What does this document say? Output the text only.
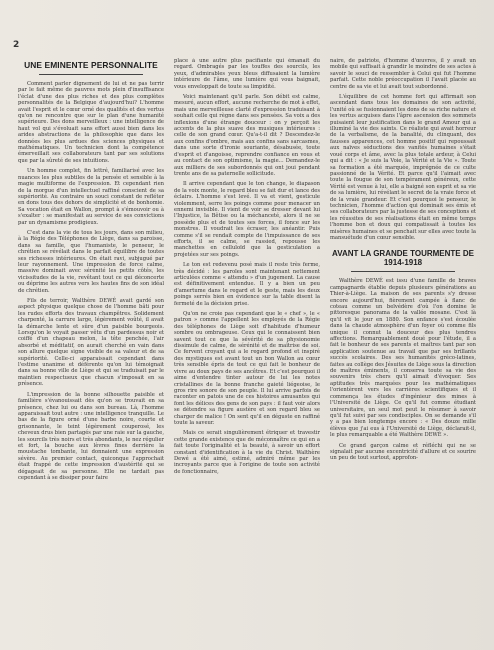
2
UNE EMINENTE PERSONNALITE

Comment parler dignement de lui et ne pas terrir par le fait même de pauvres mots plein d'insuffisance l'éclat d'une des plus riches et des plus complètes personnalités de la Belgique d'aujourd'hui? L'homme avait l'esprit et le cœur orné des qualités et des vertus qu'on ne rencontre que sur le plan d'une humanité supérieure. Des dons merveilleux : une intelligence de haut vol qui s'évoluait sans effort aussi bien dans les arides abstractions de la philosophie que dans les données les plus ardues des sciences physiques et mathématiques. Un technicien dont la compétence émerveillait ses collaborateurs tant par ses solutions que par la sûreté de ses intuitions.

Un homme complet, fin lettré, familiarisé avec les nuances les plus subtiles de la pensée et sensible à la magie multiforme de l'expression. Et cependant rien de la morgue d'un intellectuel raffiné conscient de sa supériorité. Au contraire un souci constant de refléter en dons tous des dehors de simplicité et de bonhomie. Sa vocation était en Wallon, prompt à s'émouvoir ou à s'exalter : se manifestait au service de ses convictions par un dynamisme prodigieux.

C'est dans la vie de tous les jours, dans son milieu, à la Régie des Téléphones de Liège, dans sa paroisse, dans sa famille, que l'humaniste, le penseur, le chrétien se révélait dans le parfait équilibre de toutes ses richesses intérieures. On était ravi, subjugué par leur rayonnement. Une impression de force calme, massive dominait avec sérénité les petits côtés, les vicissitudes de la vie, revêtant tout ce qui déconcerte ou déprime les autres vers les hautes fins de son idéal de chrétien.

Fils de terroir, Walthère DEWÉ avait gardé son aspect physique quelque chose de l'homme bâti pour les rudes efforts des travaux champêtres. Solidement charpenté, la carrure large, légèrement voûté, il avait la démarche lente et sûre d'un paisible bourgeois. Lorsqu'on le voyait passer vêtu d'un pardessus noir et coiffé d'un chapeau melon, la tête penchée, l'air absorbé et méditatif, on aurait cherché en vain dans son allure quelque signe visible de sa valeur et de sa supériorité. Celle-ci apparaissait cependant dans l'estime unanime et déférente qu'on lui témoignait dans sa bonne ville de Liège et qui se traduisait par le maintien respectueux que chacun s'imposait en sa présence.

L'impression de la bonne silhouette paisible et familière s'évanouissait dès qu'on se trouvait en sa présence, chez lui ou dans son bureau. Là, l'homme apparaissait tout autre : une intelligence tranquille. Le bas de la figure orné d'une barbe noire, courte et grisonnante, le teint légèrement couperosé, les cheveux drus bien partagés par une raie sur la gauche, les sourcils très noirs et très abondants, le nez régulier et fort, la bouche aux lèvres fines derrière la moustache tombante, lui donnaient une expression sévère. Au premier contact, quiconque l'approchait était frappé de cette impression d'austérité qui se dégageait de sa personne. Elle ne tardait pas cependant à se dissiper pour faire

place à une autre plus pacifiante qui émanait du regard. Ombragés par les touffes des sourcils, les yeux, d'admirables yeux bleus diffusaient la lumière intérieure de l'âme, une lumière qui vous baignait, vous enveloppait de toute sa limpidité.

Voici maintenant qu'il parle. Son débit est calme, mesuré, aucun effort, aucune recherche de mot à effet, mais une merveilleuse clarté d'expression traduisant à souhait celle qui règne dans ses pensées. Sa voix a des inflexions d'une étrange douceur : on y perçoit les accents de la plus suave des musiques intérieures : celle de son grand cœur. Qu'a-t-il dit ? Descendez-le aux confins d'ombre, mais aux confins sans sarcasmes, dans une sorte d'ironie souriante, désabusée, toute d'esprit et d'angoisse, reprendre confiance en vous et au contact de son optimisme, la magie... Demandez-le aux milliers de ses subordonnés qui ont joui pendant trente ans de sa paternelle sollicitude.

Il arrive cependant que le ton change, le diapason de la voix monte, le regard bleu se fait dur et lance des éclairs. L'homme s'est levé. Il va et vient, gesticule violemment, serre les poings comme pour menacer un ennemi invisible. Il vient de voir se dresser devant lui l'Injustice, la Bêtise ou la méchanceté, alors il ne se possède plus et de toutes ses forces, il fonce sur les monstres. Il voudrait les écraser, les anéantir. Puis comme s'il se rendait compte de l'impuissance de ses efforts, il se calme, se rassied, repousse les manchettes en celluloïd que la gesticulation a projetées sur ses poings.

Le ton est redevenu posé mais il reste très ferme, très décidé : les paroles sont maintenant nettement articulées comme « attendu » d'un jugement. La cause est définitivement entendue. Il y a bien un peu d'amertume dans le regard et le geste, mais les deux poings serrés bien en évidence sur la table disent la fermeté de la décision prise.

Qu'on ne croie pas cependant que le « chef », le « patron » comme l'appellent les employés de la Régie des téléphones de Liège soit d'habitude d'humeur sombre ou ombrageuse. Ceux qui le connaissent bien savent tout ce que la sévérité de sa physionomie dissimule de calme, de sérénité et de maîtrise de soi. Ce fervent croyant qui a le regard profond et inspiré des mystiques est avant tout un bon Wallon au cœur très sensible épris de tout ce qui fait le bonheur de vivre au doux pays de ses ancêtres. Et c'est pourquoi il aime d'entendre tinter autour de lui les notes cristallines de la bonne franche gaieté liégeoise, le gros rire sonore de son peuple. Il lui arrive parfois de raconter en patois une de ces histoires amusantes qui font les délices des gens de son pays : il faut voir alors se détendre sa figure austère et son regard bleu se charger de malice ! On sent qu'il en déguste en raffiné toute la saveur.

Mais ce serait singulièrement étriquer et travestir cette grande existence que de méconnaître ce qui en a fait toute l'originalité et la beauté, à savoir un effort constant d'identification à la vie du Christ. Walthère Dewé a été aimé, estimé, admiré même par les incroyants parce que à l'origine de toute son activité de fonctionnaire,

naire, de patriote, d'homme d'œuvres, il y avait un mobile qui suffisait à grandir le moindre de ses actes à savoir le souci de ressembler à Celui qui fut l'homme parfait. Cette noble préoccupation il l'avait placée au centre de sa vie et lui avait tout subordonné.

L'équilibre de cet homme fort qui affirmait son ascendant dans tous les domaines de son activité, l'unité où se fusionnaient les dons de sa riche nature et les vertus acquises dans l'âpre ascension des sommets puisaient leur justification dans le grand Amour qui a illuminé la vie des saints. Ce réaliste qui avait horreur de la verbalisme, de la banalité, du clinquant, des fausses apparences, cet homme positif qui repoussait aux naïves séductions des vanités humaines s'était voué corps et âme, avec la plus totale ardeur, à Celui qui a dit : « Je suis la Voie, la Vérité et la Vie ». Toute sa formation a été marquée, imprégnée de ce culte passionné de la Vérité. Et parce qu'il l'aimait avec toute la fougue de son tempérament généreux, cette Vérité est venue à lui, elle a baigné son esprit et sa vie de sa lumière, lui révélant le secret de la vraie force et de la vraie grandeur. Et c'est pourquoi le penseur, le technicien, l'homme d'action qui dominait ses émis et ses collaborateurs par la justesse de ses conceptions et les réussites de ses réalisations était en même temps l'homme bon et doux qui compatissait à toutes les misères humaines et se penchait sur elles avec toute la mansuétude d'un cœur sensible.

AVANT LA GRANDE TOURMENTE DE 1914-1918

Walthère DEWÉ est issu d'une famille de braves campagnards établie depuis plusieurs générations au Thier-à-Liège. La maison de ses parents s'y dresse encore aujourd'hui, fièrement campée à flanc de coteau comme un belvédère d'où l'on domine le pittoresque panorama de la vallée mosane. C'est là qu'il vit le jour en 1880. Son enfance s'est écoulée dans la chaude atmosphère d'un foyer où comme fils unique il connut la douceur des plus tendres affections. Remarquablement doué pour l'étude, il a fait le bonheur de ses parents et maîtres tant par son application soutenue au travail que par ses brillants succès scolaires. Des ses humanités gréco-latines, faites au collège des Jésuites de Liège sous la direction de maîtres éminents, il conserva toute sa vie des souvenirs très chers qu'il aimait d'évoquer. Ses aptitudes très marquées pour les mathématiques l'orientèrent vers les carrières scientifiques et il commença les études d'ingénieur des mines à l'Université de Liège. Ce qu'il fut comme étudiant universitaire, un seul mot peut le résumer à savoir qu'il fut suivi par ses condisciples. On se demande s'il y a pas bien longtemps encore : « Des douze mille élèves que j'ai eus à l'Université de Liège, déclarait-il, le plus remarquable a été Walthère DEWÉ ».

Ce grand garçon calme et réfléchi qui ne se signalait par aucune excentricité d'allure et ce sourire un peu de tout surtout, approfon-
